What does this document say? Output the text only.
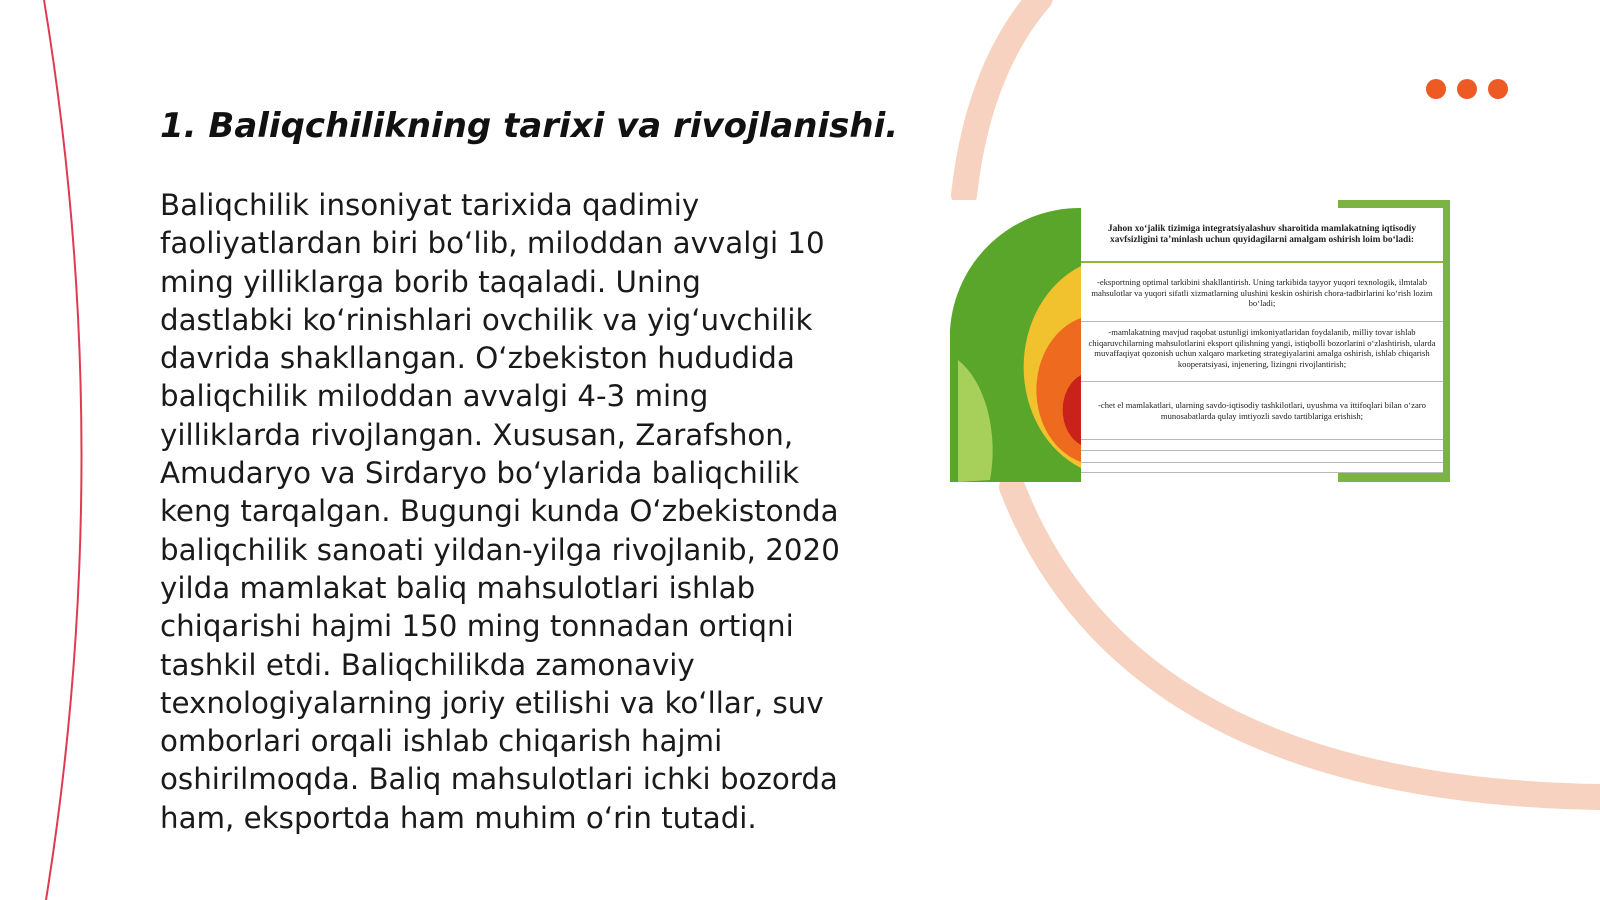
1. Baliqchilikning tarixi va rivojlanishi.

Baliqchilik insoniyat tarixida qadimiy faoliyatlardan biri bo‘lib, miloddan avvalgi 10 ming yilliklarga borib taqaladi. Uning dastlabki ko‘rinishlari ovchilik va yig‘uvchilik davrida shakllangan. O‘zbekiston hududida baliqchilik miloddan avvalgi 4-3 ming yilliklarda rivojlangan. Xususan, Zarafshon, Amudaryo va Sirdaryo bo‘ylarida baliqchilik keng tarqalgan. Bugungi kunda O‘zbekistonda baliqchilik sanoati yildan-yilga rivojlanib, 2020 yilda mamlakat baliq mahsulotlari ishlab chiqarishi hajmi 150 ming tonnadan ortiqni tashkil etdi. Baliqchilikda zamonaviy texnologiyalarning joriy etilishi va ko‘llar, suv omborlari orqali ishlab chiqarish hajmi oshirilmoqda. Baliq mahsulotlari ichki bozorda ham, eksportda ham muhim o‘rin tutadi.

Jahon xo‘jalik tizimiga integratsiyalashuv sharoitida mamlakatning iqtisodiy xavfsizligini ta’minlash uchun quyidagilarni amalgam oshirish loim bo‘ladi:
-eksportning optimal tarkibini shakllantirish. Uning tarkibida tayyor yuqori texnologik, ilmtalab mahsulotlar va yuqori sifatli xizmatlarning ulushini keskin oshirish chora-tadbirlarini ko‘rish lozim bo‘ladi;
-mamlakatning mavjud raqobat ustunligi imkoniyatlaridan foydalanib, milliy tovar ishlab chiqaruvchilarning mahsulotlarini eksport qilishning yangi, istiqbolli bozorlarini o‘zlashtirish, ularda muvaffaqiyat qozonish uchun xalqaro marketing strategiyalarini amalga oshirish, ishlab chiqarish kooperatsiyasi, injenering, lizingni rivojlantirish;
-chet el mamlakatlari, ularning savdo-iqtisodiy tashkilotlari, uyushma va ittifoqlari bilan o‘zaro munosabatlarda qulay imtiyozli savdo tartiblariga erishish;
